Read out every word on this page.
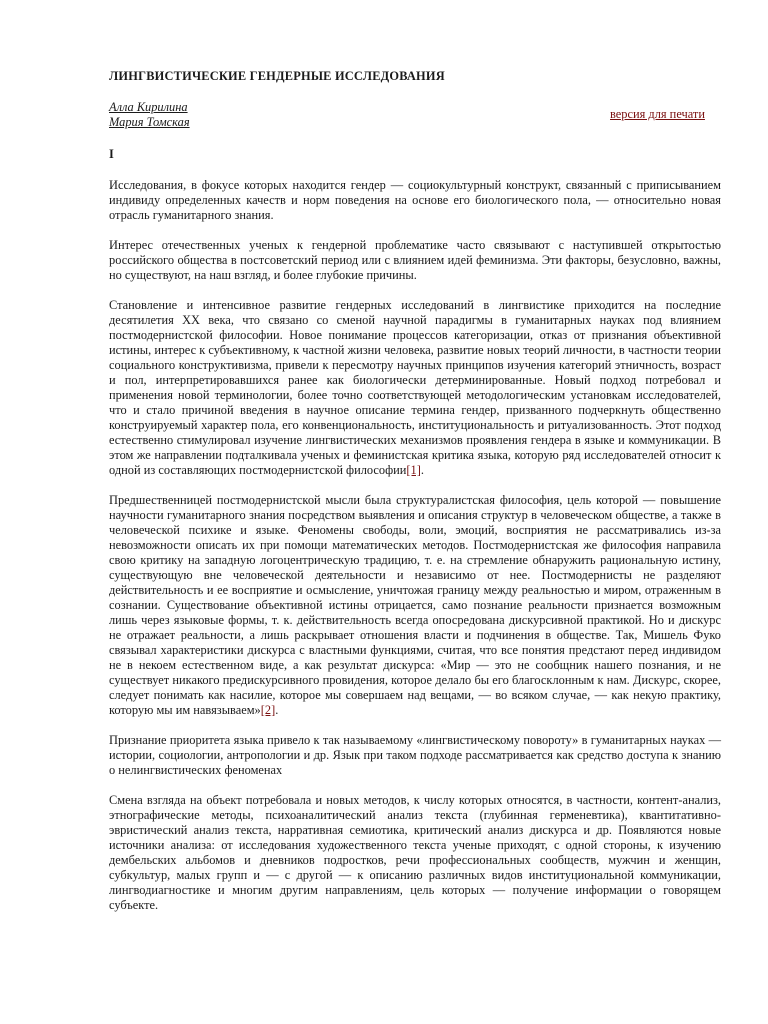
ЛИНГВИСТИЧЕСКИЕ ГЕНДЕРНЫЕ ИССЛЕДОВАНИЯ
Алла Кирилина
Мария Томская
версия для печати

I

Исследования, в фокусе которых находится гендер — социокультурный конструкт, связанный с приписыванием индивиду определенных качеств и норм поведения на основе его биологического пола, — относительно новая отрасль гуманитарного знания.

Интерес отечественных ученых к гендерной проблематике часто связывают с наступившей открытостью российского общества в постсоветский период или с влиянием идей феминизма. Эти факторы, безусловно, важны, но существуют, на наш взгляд, и более глубокие причины.

Становление и интенсивное развитие гендерных исследований в лингвистике приходится на последние десятилетия XX века, что связано со сменой научной парадигмы в гуманитарных науках под влиянием постмодернистской философии. Новое понимание процессов категоризации, отказ от признания объективной истины, интерес к субъективному, к частной жизни человека, развитие новых теорий личности, в частности теории социального конструктивизма, привели к пересмотру научных принципов изучения категорий этничность, возраст и пол, интерпретировавшихся ранее как биологически детерминированные. Новый подход потребовал и применения новой терминологии, более точно соответствующей методологическим установкам исследователей, что и стало причиной введения в научное описание термина гендер, призванного подчеркнуть общественно конструируемый характер пола, его конвенциональность, институциональность и ритуализованность. Этот подход естественно стимулировал изучение лингвистических механизмов проявления гендера в языке и коммуникации. В этом же направлении подталкивала ученых и феминистская критика языка, которую ряд исследователей относит к одной из составляющих постмодернистской философии[1].

Предшественницей постмодернистской мысли была структуралистская философия, цель которой — повышение научности гуманитарного знания посредством выявления и описания структур в человеческом обществе, а также в человеческой психике и языке. Феномены свободы, воли, эмоций, восприятия не рассматривались из-за невозможности описать их при помощи математических методов. Постмодернистская же философия направила свою критику на западную логоцентрическую традицию, т. е. на стремление обнаружить рациональную истину, существующую вне человеческой деятельности и независимо от нее. Постмодернисты не разделяют действительность и ее восприятие и осмысление, уничтожая границу между реальностью и миром, отраженным в сознании. Существование объективной истины отрицается, само познание реальности признается возможным лишь через языковые формы, т. к. действительность всегда опосредована дискурсивной практикой. Но и дискурс не отражает реальности, а лишь раскрывает отношения власти и подчинения в обществе. Так, Мишель Фуко связывал характеристики дискурса с властными функциями, считая, что все понятия предстают перед индивидом не в некоем естественном виде, а как результат дискурса: «Мир — это не сообщник нашего познания, и не существует никакого предискурсивного провидения, которое делало бы его благосклонным к нам. Дискурс, скорее, следует понимать как насилие, которое мы совершаем над вещами, — во всяком случае, — как некую практику, которую мы им навязываем»[2].

Признание приоритета языка привело к так называемому «лингвистическому повороту» в гуманитарных науках — истории, социологии, антропологии и др. Язык при таком подходе рассматривается как средство доступа к знанию о нелингвистических феноменах

Смена взгляда на объект потребовала и новых методов, к числу которых относятся, в частности, контент-анализ, этнографические методы, психоаналитический анализ текста (глубинная герменевтика), квантитативно-эвристический анализ текста, нарративная семиотика, критический анализ дискурса и др. Появляются новые источники анализа: от исследования художественного текста ученые приходят, с одной стороны, к изучению дембельских альбомов и дневников подростков, речи профессиональных сообществ, мужчин и женщин, субкультур, малых групп и — с другой — к описанию различных видов институциональной коммуникации, лингводиагностике и многим другим направлениям, цель которых — получение информации о говорящем субъекте.
